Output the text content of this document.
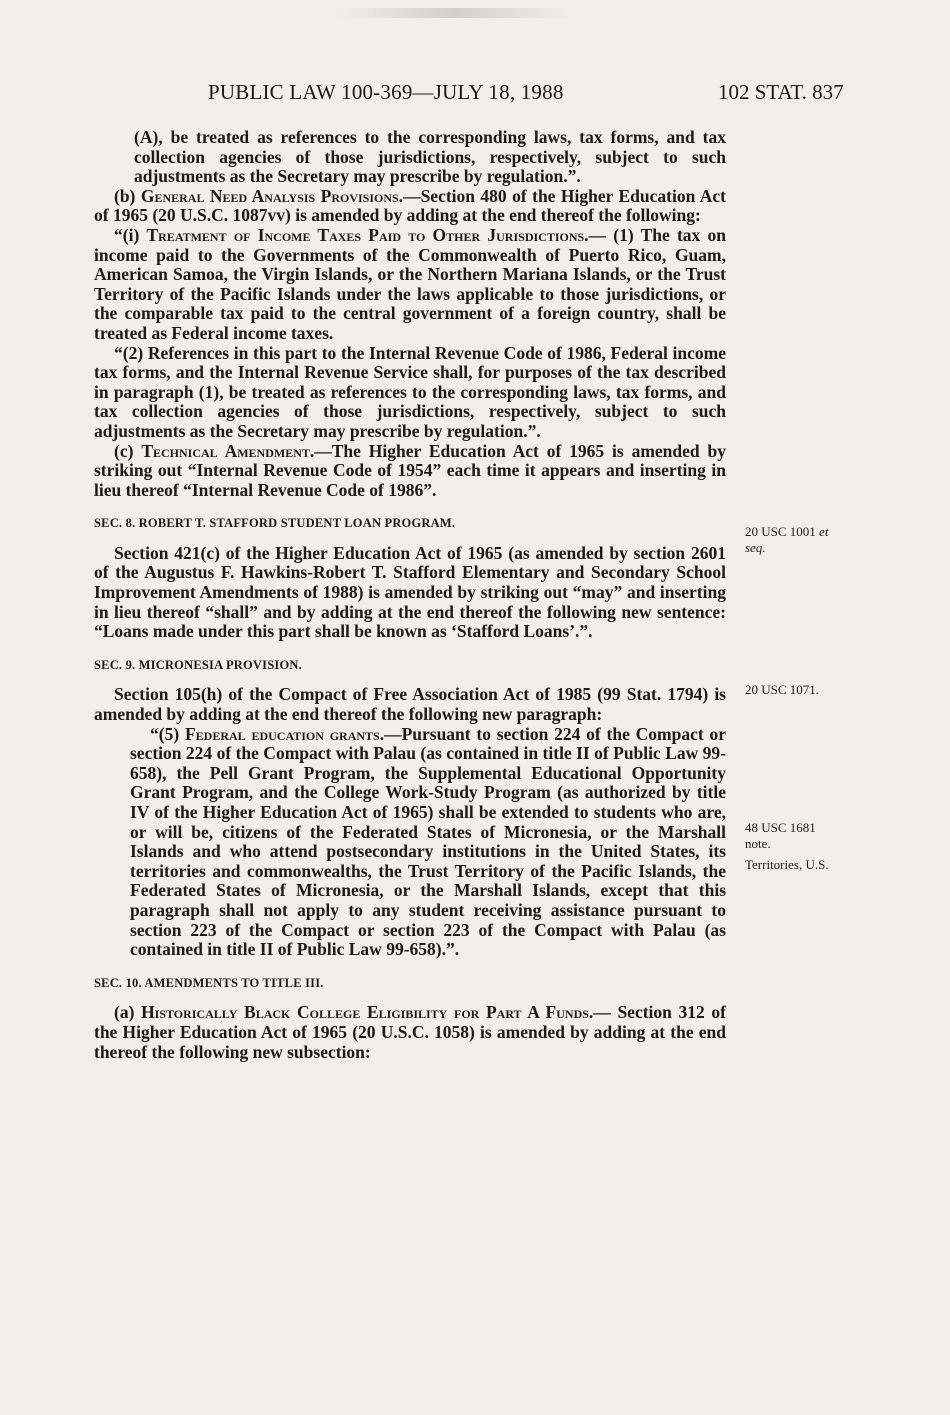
PUBLIC LAW 100-369—JULY 18, 1988	102 STAT. 837

(A), be treated as references to the corresponding laws, tax forms, and tax collection agencies of those jurisdictions, respectively, subject to such adjustments as the Secretary may prescribe by regulation.”.

(b) General Need Analysis Provisions.—Section 480 of the Higher Education Act of 1965 (20 U.S.C. 1087vv) is amended by adding at the end thereof the following:

“(i) Treatment of Income Taxes Paid to Other Jurisdictions.— (1) The tax on income paid to the Governments of the Commonwealth of Puerto Rico, Guam, American Samoa, the Virgin Islands, or the Northern Mariana Islands, or the Trust Territory of the Pacific Islands under the laws applicable to those jurisdictions, or the comparable tax paid to the central government of a foreign country, shall be treated as Federal income taxes.

“(2) References in this part to the Internal Revenue Code of 1986, Federal income tax forms, and the Internal Revenue Service shall, for purposes of the tax described in paragraph (1), be treated as references to the corresponding laws, tax forms, and tax collection agencies of those jurisdictions, respectively, subject to such adjustments as the Secretary may prescribe by regulation.”.

(c) Technical Amendment.—The Higher Education Act of 1965 is amended by striking out “Internal Revenue Code of 1954” each time it appears and inserting in lieu thereof “Internal Revenue Code of 1986”.

SEC. 8. ROBERT T. STAFFORD STUDENT LOAN PROGRAM.

Section 421(c) of the Higher Education Act of 1965 (as amended by section 2601 of the Augustus F. Hawkins-Robert T. Stafford Elementary and Secondary School Improvement Amendments of 1988) is amended by striking out “may” and inserting in lieu thereof “shall” and by adding at the end thereof the following new sentence: “Loans made under this part shall be known as ‘Stafford Loans’.”.

SEC. 9. MICRONESIA PROVISION.

Section 105(h) of the Compact of Free Association Act of 1985 (99 Stat. 1794) is amended by adding at the end thereof the following new paragraph:

“(5) Federal education grants.—Pursuant to section 224 of the Compact or section 224 of the Compact with Palau (as contained in title II of Public Law 99-658), the Pell Grant Program, the Supplemental Educational Opportunity Grant Program, and the College Work-Study Program (as authorized by title IV of the Higher Education Act of 1965) shall be extended to students who are, or will be, citizens of the Federated States of Micronesia, or the Marshall Islands and who attend postsecondary institutions in the United States, its territories and commonwealths, the Trust Territory of the Pacific Islands, the Federated States of Micronesia, or the Marshall Islands, except that this paragraph shall not apply to any student receiving assistance pursuant to section 223 of the Compact or section 223 of the Compact with Palau (as contained in title II of Public Law 99-658).”.

SEC. 10. AMENDMENTS TO TITLE III.

(a) Historically Black College Eligibility for Part A Funds.— Section 312 of the Higher Education Act of 1965 (20 U.S.C. 1058) is amended by adding at the end thereof the following new subsection:

20 USC 1001 et
seq.
20 USC 1071.
48 USC 1681
note.
Territories, U.S.
